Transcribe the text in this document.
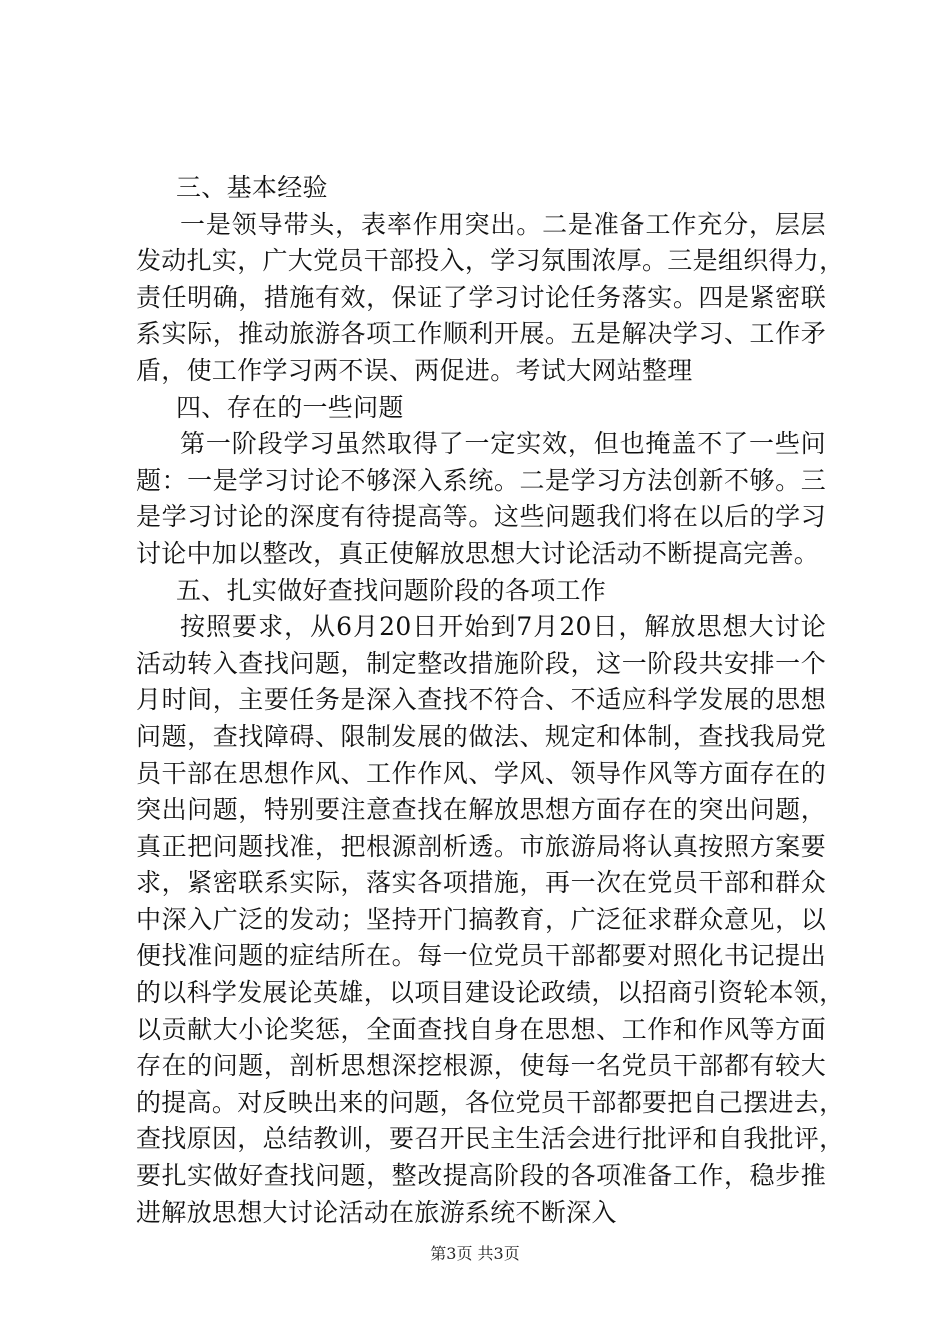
三、基本经验
一是领导带头，表率作用突出。二是准备工作充分，层层
发动扎实，广大党员干部投入，学习氛围浓厚。三是组织得力，
责任明确，措施有效，保证了学习讨论任务落实。四是紧密联
系实际，推动旅游各项工作顺利开展。五是解决学习、工作矛
盾，使工作学习两不误、两促进。考试大网站整理
四、存在的一些问题
第一阶段学习虽然取得了一定实效，但也掩盖不了一些问
题：一是学习讨论不够深入系统。二是学习方法创新不够。三
是学习讨论的深度有待提高等。这些问题我们将在以后的学习
讨论中加以整改，真正使解放思想大讨论活动不断提高完善。
五、扎实做好查找问题阶段的各项工作
按照要求，从6月20日开始到7月20日，解放思想大讨论
活动转入查找问题，制定整改措施阶段，这一阶段共安排一个
月时间，主要任务是深入查找不符合、不适应科学发展的思想
问题，查找障碍、限制发展的做法、规定和体制，查找我局党
员干部在思想作风、工作作风、学风、领导作风等方面存在的
突出问题，特别要注意查找在解放思想方面存在的突出问题，
真正把问题找准，把根源剖析透。市旅游局将认真按照方案要
求，紧密联系实际，落实各项措施，再一次在党员干部和群众
中深入广泛的发动；坚持开门搞教育，广泛征求群众意见，以
便找准问题的症结所在。每一位党员干部都要对照化书记提出
的以科学发展论英雄，以项目建设论政绩，以招商引资轮本领，
以贡献大小论奖惩，全面查找自身在思想、工作和作风等方面
存在的问题，剖析思想深挖根源，使每一名党员干部都有较大
的提高。对反映出来的问题，各位党员干部都要把自己摆进去，
查找原因，总结教训，要召开民主生活会进行批评和自我批评，
要扎实做好查找问题，整改提高阶段的各项准备工作，稳步推
进解放思想大讨论活动在旅游系统不断深入
第3页 共3页
